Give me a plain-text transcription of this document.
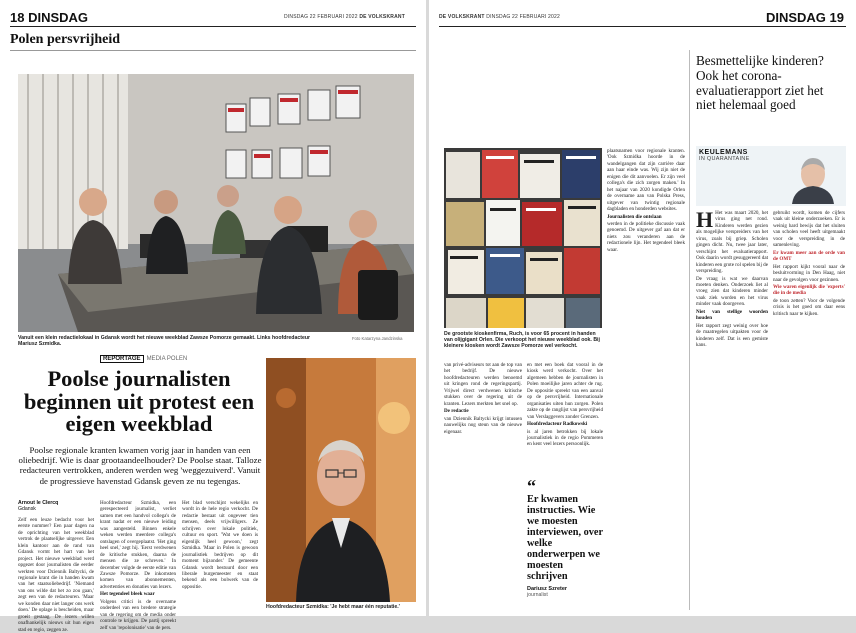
18 DINSDAG	DINSDAG 22 FEBRUARI 2022 DE VOLKSKRANT
Polen persvrijheid
Vanuit een klein redactielokaal in Gdansk wordt het nieuwe weekblad Zawsze Pomorze gemaakt. Links hoofdredacteur Mariusz Szmidka.
Foto Katarzyna Jandzinska
REPORTAGE MEDIA POLEN
Poolse journalisten beginnen uit protest een eigen weekblad
Poolse regionale kranten kwamen vorig jaar in handen van een oliebedrijf. Wie is daar grootaandeelhouder? De Poolse staat. Talloze redacteuren vertrokken, anderen werden weg 'weggezuiverd'. Vanuit de progressieve havenstad Gdansk geven ze nu tegengas.
Arnout le Clercq
Gdansk

Zelf een leuze bedacht voor het eerste nummer? Een paar dagen na de oprichting van het weekblad vertrok de plaatselijke uitgever. Een klein kantoor aan de rand van Gdansk vormt het hart van het project. Het nieuwe weekblad werd opgezet door journalisten die eerder werkten voor Dziennik Baltycki, de regionale krant die in handen kwam van het staatsoliebedrijf. 'Niemand van ons wilde dat het zo zou gaan,' zegt een van de redacteuren. 'Maar we konden daar niet langer ons werk doen.' De oplage is bescheiden, maar groeit gestaag. De lezers willen onafhankelijk nieuws uit hun eigen stad en regio, zeggen ze.

Hoofdredacteur Szmidka, een gerespecteerd journalist, verliet samen met een handvol collega's de krant nadat er een nieuwe leiding was aangesteld. Binnen enkele weken werden meerdere collega's ontslagen of overgeplaatst. 'Het ging heel snel,' zegt hij. 'Eerst verdwenen de kritische stukken, daarna de mensen die ze schreven.' In december volgde de eerste editie van Zawsze Pomorze. De inkomsten komen van abonnementen, advertenties en donaties van lezers.

Het tegendeel bleek waar

Volgens critici is de overname onderdeel van een bredere strategie van de regering om de media onder controle te krijgen. De partij spreekt zelf van 'repolonisatie' van de pers.

Het blad verschijnt wekelijks en wordt in de hele regio verkocht. De redactie bestaat uit ongeveer tien mensen, deels vrijwilligers. Ze schrijven over lokale politiek, cultuur en sport. 'Wat we doen is eigenlijk heel gewoon,' zegt Szmidka. 'Maar in Polen is gewoon journalistiek bedrijven op dit moment bijzonder.' De gemeente Gdansk wordt bestuurd door een liberale burgemeester en staat bekend als een bolwerk van de oppositie.

Hoofdredacteur Szmidka: 'Je hebt maar één reputatie.'
DE VOLKSKRANT DINSDAG 22 FEBRUARI 2022	DINSDAG 19
De grootste kioskenfirma, Ruch, is voor 65 procent in handen van olijgigant Orlen. Die verkoopt het nieuwe weekblad ook. Bij kleinere kiosken wordt Zawsze Pomorze wel verkocht.

plaatsnamen voor regionale kranten. 'Ook Szmidka hoorde in de wandelgangen dat zijn carrière daar aan haar einde was. Wij zijn niet de enigen die dit aanvoelen. Er zijn veel collega's die zich zorgen maken.' In het najaar van 2020 kondigde Orlen de overname aan van Polska Press, uitgever van twintig regionale dagbladen en honderden websites.

Journalisten die ontslaan

werden in de politieke discussie vaak genoemd. De uitgever gaf aan dat er niets zou veranderen aan de redactionele lijn. Het tegendeel bleek waar.

van privé-adviseurs tot aan de top van het bedrijf. De nieuwe hoofdredacteuren werden benoemd uit kringen rond de regeringspartij. Vrijwel direct verdwenen kritische stukken over de regering uit de kranten. Lezers merkten het snel op.

De redactie

van Dziennik Baltycki krijgt intussen nauwelijks nog steun van de nieuwe eigenaar.

en met een boek dat vooral in de kiosk werd verkocht. Over het algemeen hebben de journalisten in Polen moeilijke jaren achter de rug. De oppositie spreekt van een aanval op de persvrijheid. Internationale organisaties uiten hun zorgen. Polen zakte op de ranglijst van persvrijheid van Verslaggevers zonder Grenzen.

Hoofdredacteur Radkowski

is al jaren betrokken bij lokale journalistiek in de regio Pommeren en kent veel lezers persoonlijk.

“
Er kwamen instructies. Wie we moesten interviewen, over welke onderwerpen we moesten schrijven
Dariusz Szreter
journalist
Besmettelijke kinderen? Ook het corona-evaluatierapport ziet het niet helemaal goed
KEULEMANS
IN QUARANTAINE

H Het was maart 2020, het virus ging net rond. Kinderen werden gezien als mogelijke verspreiders van het virus, zoals bij griep. Scholen gingen dicht. Nu, twee jaar later, verschijnt het evaluatierapport. Ook daarin wordt gesuggereerd dat kinderen een grote rol spelen bij de verspreiding.

De vraag is wat we daarvan moeten denken. Onderzoek liet al vroeg zien dat kinderen minder vaak ziek worden en het virus minder vaak doorgeven.

Niet van stellige woorden houden

Het rapport zegt weinig over hoe de maatregelen uitpakten voor de kinderen zelf. Dat is een gemiste kans.

gebruikt wordt, komen de cijfers vaak uit kleine onderzoeken. Er is weinig hard bewijs dat het sluiten van scholen veel heeft uitgemaakt voor de verspreiding in de samenleving.

Er kwam meer aan de orde van de OMT

Het rapport kijkt vooral naar de besluitvorming in Den Haag, niet naar de gevolgen voor gezinnen.

Wie waren eigenlijk die 'experts' die in de media

de toon zetten? Voor de volgende crisis is het goed om daar eens kritisch naar te kijken.
